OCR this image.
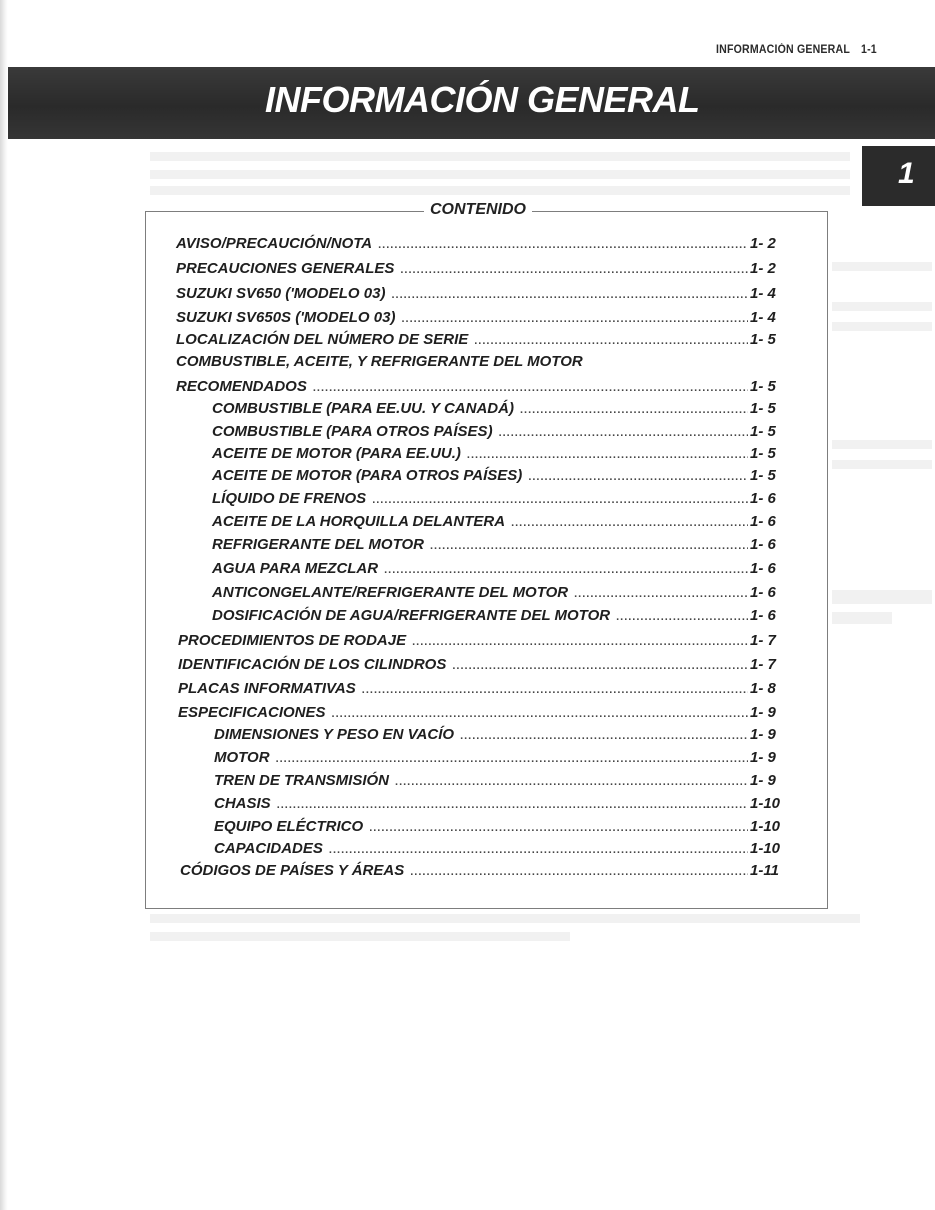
INFORMACIÓN GENERAL 1-1
INFORMACIÓN GENERAL
1
CONTENIDO
AVISO/PRECAUCIÓN/NOTA .....	1- 2
PRECAUCIONES GENERALES .....	1- 2
SUZUKI SV650 ('MODELO 03) .....	1- 4
SUZUKI SV650S ('MODELO 03) .....	1- 4
LOCALIZACIÓN DEL NÚMERO DE SERIE .....	1- 5
COMBUSTIBLE, ACEITE, Y REFRIGERANTE DEL MOTOR
RECOMENDADOS .....	1- 5
COMBUSTIBLE (PARA EE.UU. Y CANADÁ) .....	1- 5
COMBUSTIBLE (PARA OTROS PAÍSES) .....	1- 5
ACEITE DE MOTOR (PARA EE.UU.) .....	1- 5
ACEITE DE MOTOR (PARA OTROS PAÍSES) .....	1- 5
LÍQUIDO DE FRENOS .....	1- 6
ACEITE DE LA HORQUILLA DELANTERA .....	1- 6
REFRIGERANTE DEL MOTOR .....	1- 6
AGUA PARA MEZCLAR .....	1- 6
ANTICONGELANTE/REFRIGERANTE DEL MOTOR .....	1- 6
DOSIFICACIÓN DE AGUA/REFRIGERANTE DEL MOTOR .....	1- 6
PROCEDIMIENTOS DE RODAJE .....	1- 7
IDENTIFICACIÓN DE LOS CILINDROS .....	1- 7
PLACAS INFORMATIVAS .....	1- 8
ESPECIFICACIONES .....	1- 9
DIMENSIONES Y PESO EN VACÍO .....	1- 9
MOTOR .....	1- 9
TREN DE TRANSMISIÓN .....	1- 9
CHASIS .....	1-10
EQUIPO ELÉCTRICO .....	1-10
CAPACIDADES .....	1-10
CÓDIGOS DE PAÍSES Y ÁREAS .....	1-11
